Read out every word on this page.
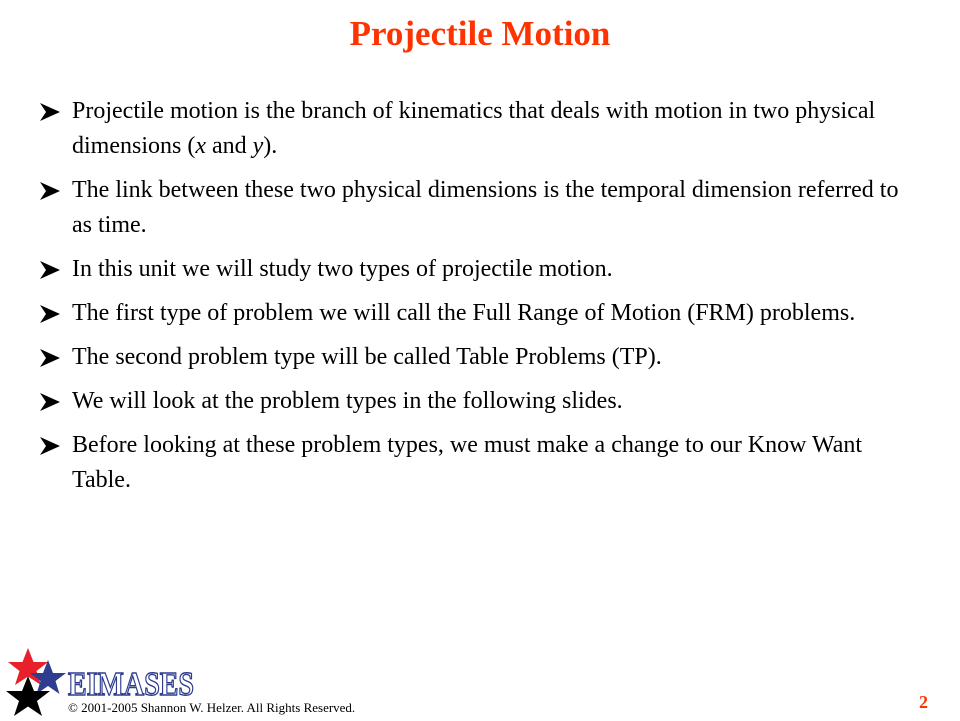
Projectile Motion
Projectile motion is the branch of kinematics that deals with motion in two physical dimensions (x and y).
The link between these two physical dimensions is the temporal dimension referred to as time.
In this unit we will study two types of projectile motion.
The first type of problem we will call the Full Range of Motion (FRM) problems.
The second problem type will be called Table Problems (TP).
We will look at the problem types in the following slides.
Before looking at these problem types, we must make a change to our Know Want Table.
EIMASES
© 2001-2005 Shannon W. Helzer. All Rights Reserved.	2
